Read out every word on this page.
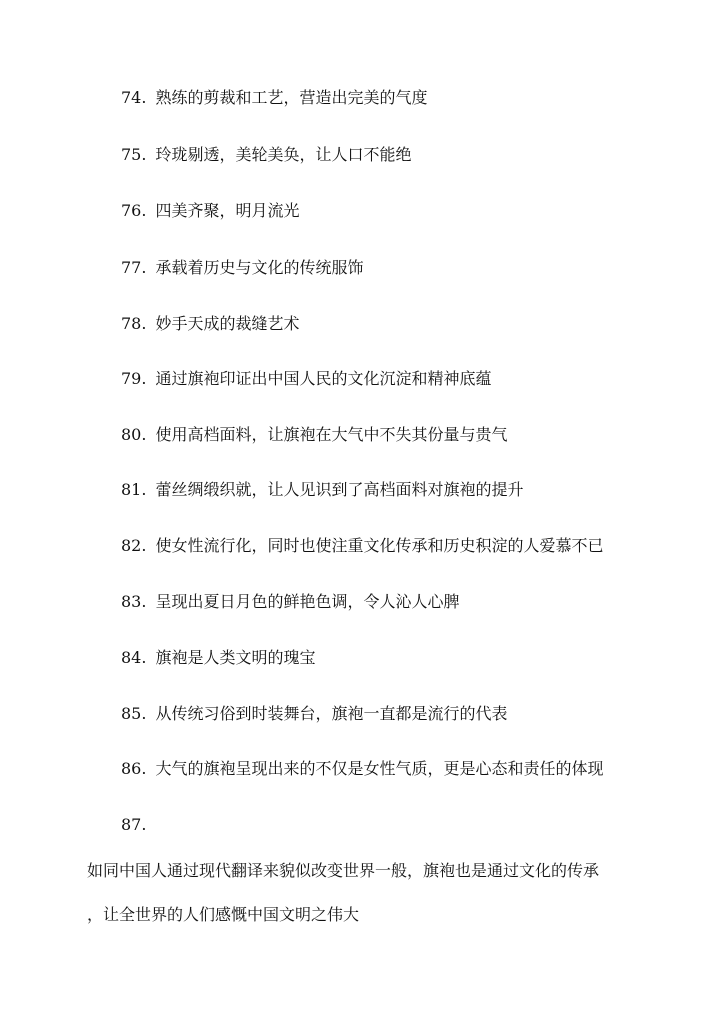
74. 熟练的剪裁和工艺，营造出完美的气度
75. 玲珑剔透，美轮美奂，让人口不能绝
76. 四美齐聚，明月流光
77. 承载着历史与文化的传统服饰
78. 妙手天成的裁缝艺术
79. 通过旗袍印证出中国人民的文化沉淀和精神底蕴
80. 使用高档面料，让旗袍在大气中不失其份量与贵气
81. 蕾丝绸缎织就，让人见识到了高档面料对旗袍的提升
82. 使女性流行化，同时也使注重文化传承和历史积淀的人爱慕不已
83. 呈现出夏日月色的鲜艳色调，令人沁人心脾
84. 旗袍是人类文明的瑰宝
85. 从传统习俗到时装舞台，旗袍一直都是流行的代表
86. 大气的旗袍呈现出来的不仅是女性气质，更是心态和责任的体现
87.
如同中国人通过现代翻译来貌似改变世界一般，旗袍也是通过文化的传承
，让全世界的人们感慨中国文明之伟大
